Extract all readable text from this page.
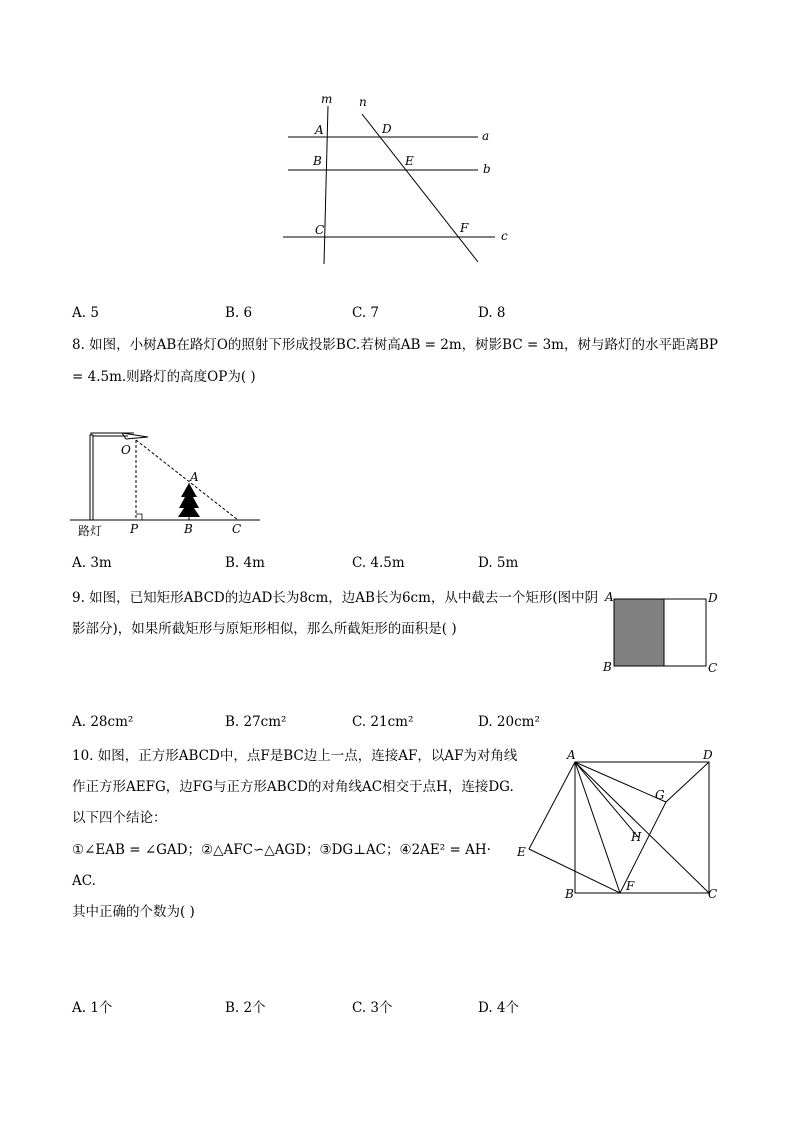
m n
A	D	a
B	E
b
C	F
c
A. 5	B. 6	C. 7	D. 8
8. 如图，小树AB在路灯O的照射下形成投影BC.若树高AB = 2m，树影BC = 3m，树与路灯的水平距离BP
= 4.5m.则路灯的高度OP为( )
O
A
P	B	C
路灯
A. 3m	B. 4m	C. 4.5m	D. 5m
9. 如图，已知矩形ABCD的边AD长为8cm，边AB长为6cm，从中截去一个矩形(图中阴
影部分)，如果所截矩形与原矩形相似，那么所截矩形的面积是( )
A	D
B	C
A. 28cm²	B. 27cm²	C. 21cm²	D. 20cm²
10. 如图，正方形ABCD中，点F是BC边上一点，连接AF，以AF为对角线
作正方形AEFG，边FG与正方形ABCD的对角线AC相交于点H，连接DG.
以下四个结论：
①∠EAB = ∠GAD；②△AFC∽△AGD；③DG⊥AC；④2AE² = AH·
AC.
其中正确的个数为( )
A	D
G
H
E
B
F
C
A. 1个	B. 2个	C. 3个	D. 4个
